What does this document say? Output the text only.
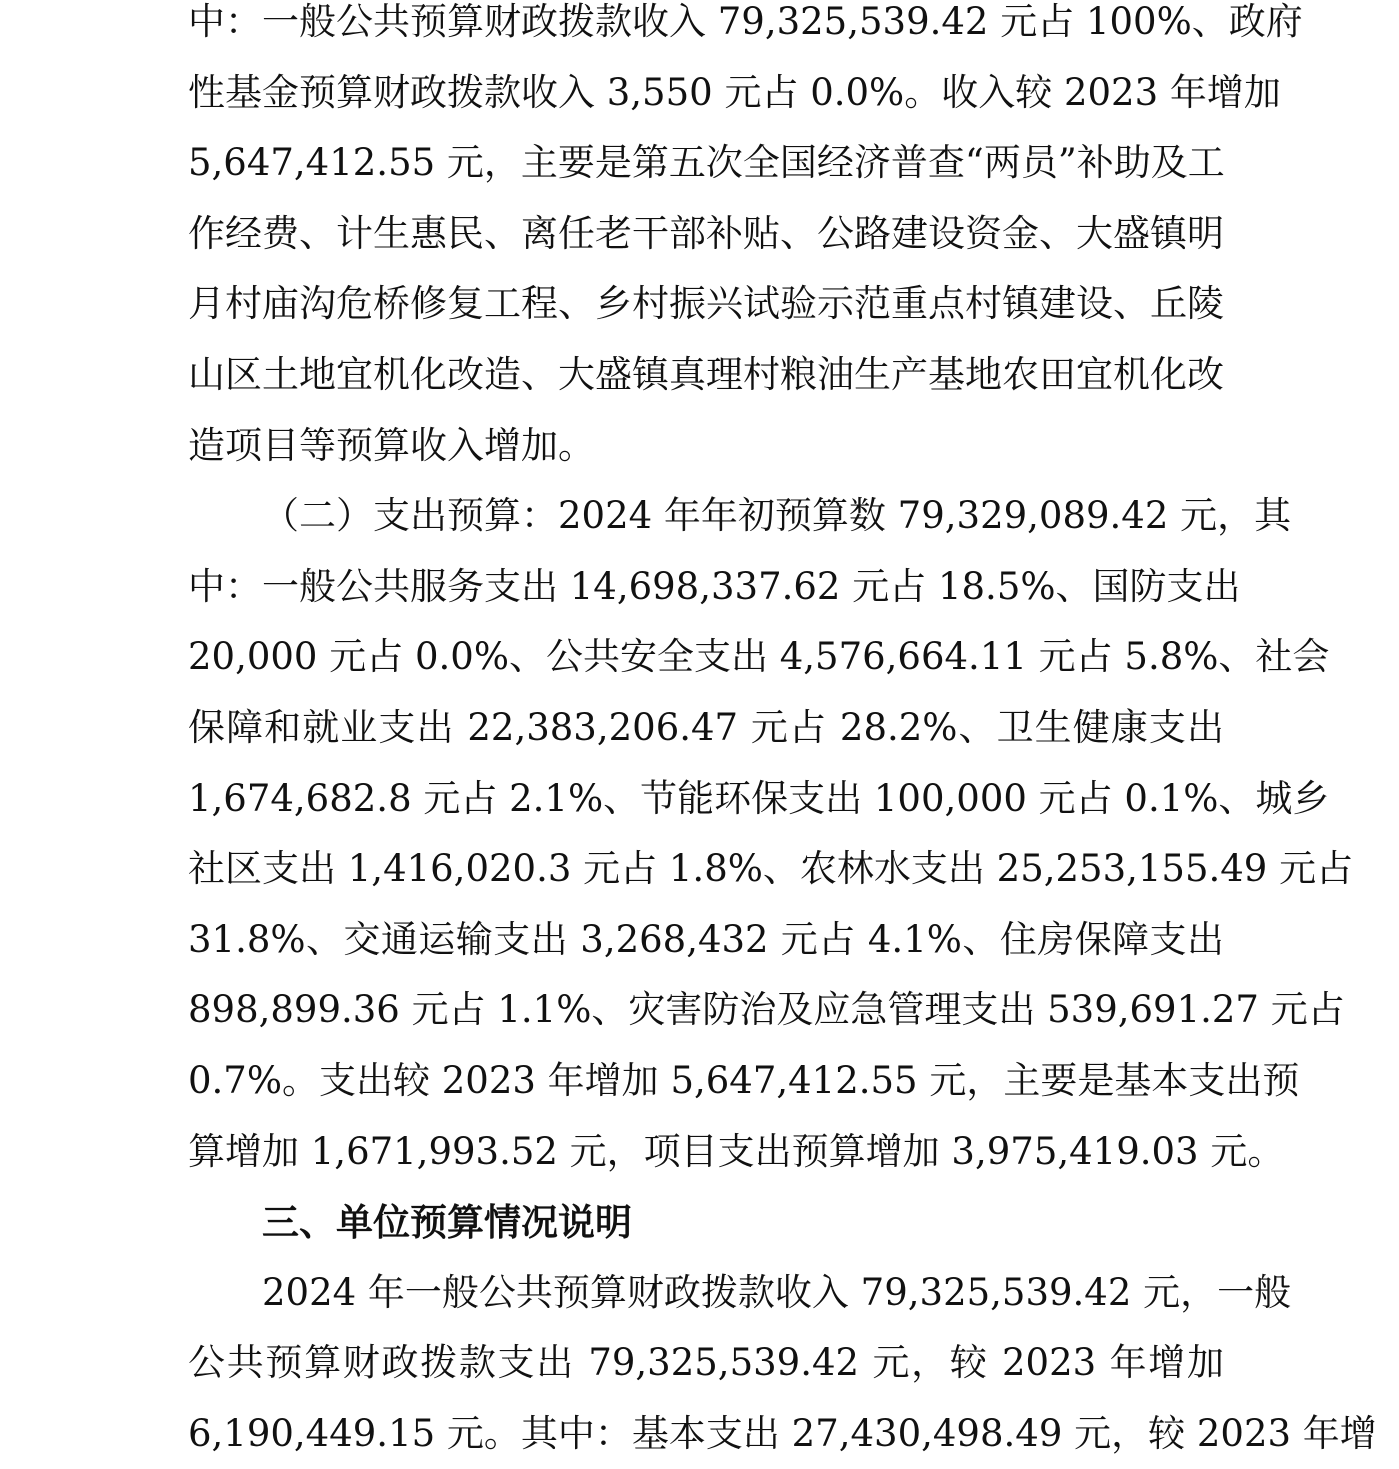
中：一般公共预算财政拨款收入 79,325,539.42 元占 100%、政府
性基金预算财政拨款收入 3,550 元占 0.0%。收入较 2023 年增加
5,647,412.55 元，主要是第五次全国经济普查“两员”补助及工
作经费、计生惠民、离任老干部补贴、公路建设资金、大盛镇明
月村庙沟危桥修复工程、乡村振兴试验示范重点村镇建设、丘陵
山区土地宜机化改造、大盛镇真理村粮油生产基地农田宜机化改
造项目等预算收入增加。
（二）支出预算：2024 年年初预算数 79,329,089.42 元，其
中：一般公共服务支出 14,698,337.62 元占 18.5%、国防支出
20,000 元占 0.0%、公共安全支出 4,576,664.11 元占 5.8%、社会
保障和就业支出 22,383,206.47 元占 28.2%、卫生健康支出
1,674,682.8 元占 2.1%、节能环保支出 100,000 元占 0.1%、城乡
社区支出 1,416,020.3 元占 1.8%、农林水支出 25,253,155.49 元占
31.8%、交通运输支出 3,268,432 元占 4.1%、住房保障支出
898,899.36 元占 1.1%、灾害防治及应急管理支出 539,691.27 元占
0.7%。支出较 2023 年增加 5,647,412.55 元，主要是基本支出预
算增加 1,671,993.52 元，项目支出预算增加 3,975,419.03 元。
三、单位预算情况说明
2024 年一般公共预算财政拨款收入 79,325,539.42 元，一般
公共预算财政拨款支出 79,325,539.42 元，较 2023 年增加
6,190,449.15 元。其中：基本支出 27,430,498.49 元，较 2023 年增
